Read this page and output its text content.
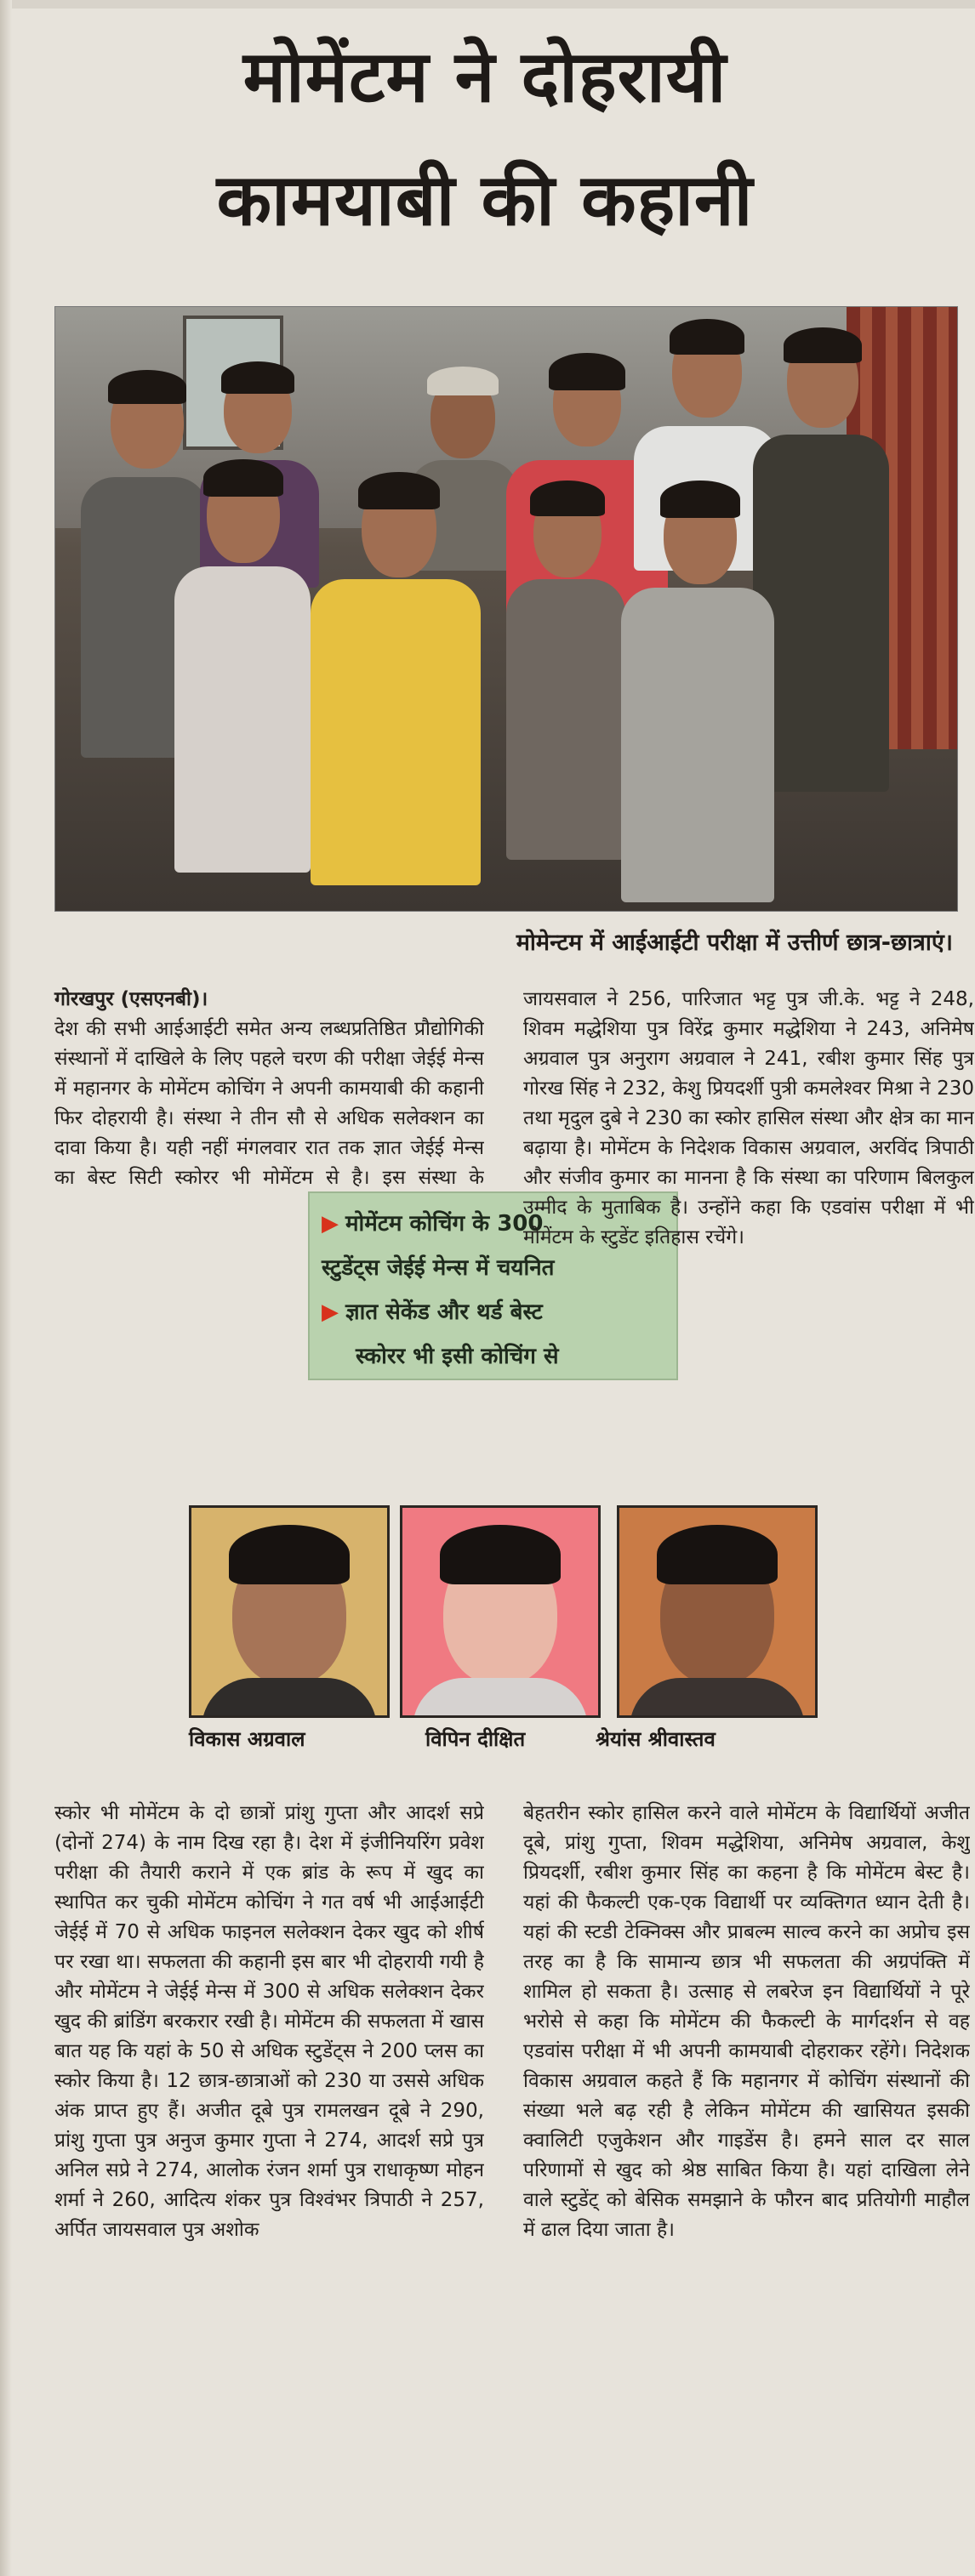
मोमेंटम ने दोहरायी
कामयाबी की कहानी

मोमेन्टम में आईआईटी परीक्षा में उत्तीर्ण छात्र-छात्राएं।

गोरखपुर (एसएनबी)।

देश की सभी आईआईटी समेत अन्य लब्धप्रतिष्ठित प्रौद्योगिकी संस्थानों में दाखिले के लिए पहले चरण की परीक्षा जेईई मेन्स में महानगर के मोमेंटम कोचिंग ने अपनी कामयाबी की कहानी फिर दोहरायी है। संस्था ने तीन सौ से अधिक सलेक्शन का दावा किया है। यही नहीं मंगलवार रात तक ज्ञात जेईई मेन्स का बेस्ट सिटी स्कोरर भी मोमेंटम से है। इस संस्था के

स्कोर भी मोमेंटम के दो छात्रों प्रांशु गुप्ता और आदर्श सप्रे (दोनों 274) के नाम दिख रहा है। देश में इंजीनियरिंग प्रवेश परीक्षा की तैयारी कराने में एक ब्रांड के रूप में खुद का स्थापित कर चुकी मोमेंटम कोचिंग ने गत वर्ष भी आईआईटी जेईई में 70 से अधिक फाइनल सलेक्शन देकर खुद को शीर्ष पर रखा था। सफलता की कहानी इस बार भी दोहरायी गयी है और मोमेंटम ने जेईई मेन्स में 300 से अधिक सलेक्शन देकर खुद की ब्रांडिंग बरकरार रखी है। मोमेंटम की सफलता में खास बात यह कि यहां के 50 से अधिक स्टुडेंट्स ने 200 प्लस का स्कोर किया है। 12 छात्र-छात्राओं को 230 या उससे अधिक अंक प्राप्त हुए हैं। अजीत दूबे पुत्र रामलखन दूबे ने 290, प्रांशु गुप्ता पुत्र अनुज कुमार गुप्ता ने 274, आदर्श सप्रे पुत्र अनिल सप्रे ने 274, आलोक रंजन शर्मा पुत्र राधाकृष्ण मोहन शर्मा ने 260, आदित्य शंकर पुत्र विश्वंभर त्रिपाठी ने 257, अर्पित जायसवाल पुत्र अशोक

▶ मोमेंटम कोचिंग के 300
स्टुडेंट्स जेईई मेन्स में चयनित
▶ ज्ञात सेकेंड और थर्ड बेस्ट
स्कोरर भी इसी कोचिंग से

जायसवाल ने 256, पारिजात भट्ट पुत्र जी.के. भट्ट ने 248, शिवम मद्धेशिया पुत्र विरेंद्र कुमार मद्धेशिया ने 243, अनिमेष अग्रवाल पुत्र अनुराग अग्रवाल ने 241, रबीश कुमार सिंह पुत्र गोरख सिंह ने 232, केशु प्रियदर्शी पुत्री कमलेश्वर मिश्रा ने 230 तथा मृदुल दुबे ने 230 का स्कोर हासिल संस्था और क्षेत्र का मान बढ़ाया है। मोमेंटम के निदेशक विकास अग्रवाल, अरविंद त्रिपाठी और संजीव कुमार का मानना है कि संस्था का परिणाम बिलकुल उम्मीद के मुताबिक है। उन्होंने कहा कि एडवांस परीक्षा में भी मोमेंटम के स्टुडेंट इतिहास रचेंगे।

बेहतरीन स्कोर हासिल करने वाले मोमेंटम के विद्यार्थियों अजीत दूबे, प्रांशु गुप्ता, शिवम मद्धेशिया, अनिमेष अग्रवाल, केशु प्रियदर्शी, रबीश कुमार सिंह का कहना है कि मोमेंटम बेस्ट है। यहां की फैकल्टी एक-एक विद्यार्थी पर व्यक्तिगत ध्यान देती है। यहां की स्टडी टेक्निक्स और प्राबल्म साल्व करने का अप्रोच इस तरह का है कि सामान्य छात्र भी सफलता की अग्रपंक्ति में शामिल हो सकता है। उत्साह से लबरेज इन विद्यार्थियों ने पूरे भरोसे से कहा कि मोमेंटम की फैकल्टी के मार्गदर्शन से वह एडवांस परीक्षा में भी अपनी कामयाबी दोहराकर रहेंगे। निदेशक विकास अग्रवाल कहते हैं कि महानगर में कोचिंग संस्थानों की संख्या भले बढ़ रही है लेकिन मोमेंटम की खासियत इसकी क्वालिटी एजुकेशन और गाइडेंस है। हमने साल दर साल परिणामों से खुद को श्रेष्ठ साबित किया है। यहां दाखिला लेने वाले स्टुडेंट् को बेसिक समझाने के फौरन बाद प्रतियोगी माहौल में ढाल दिया जाता है।

विकास अग्रवाल	विपिन दीक्षित	श्रेयांस श्रीवास्तव
